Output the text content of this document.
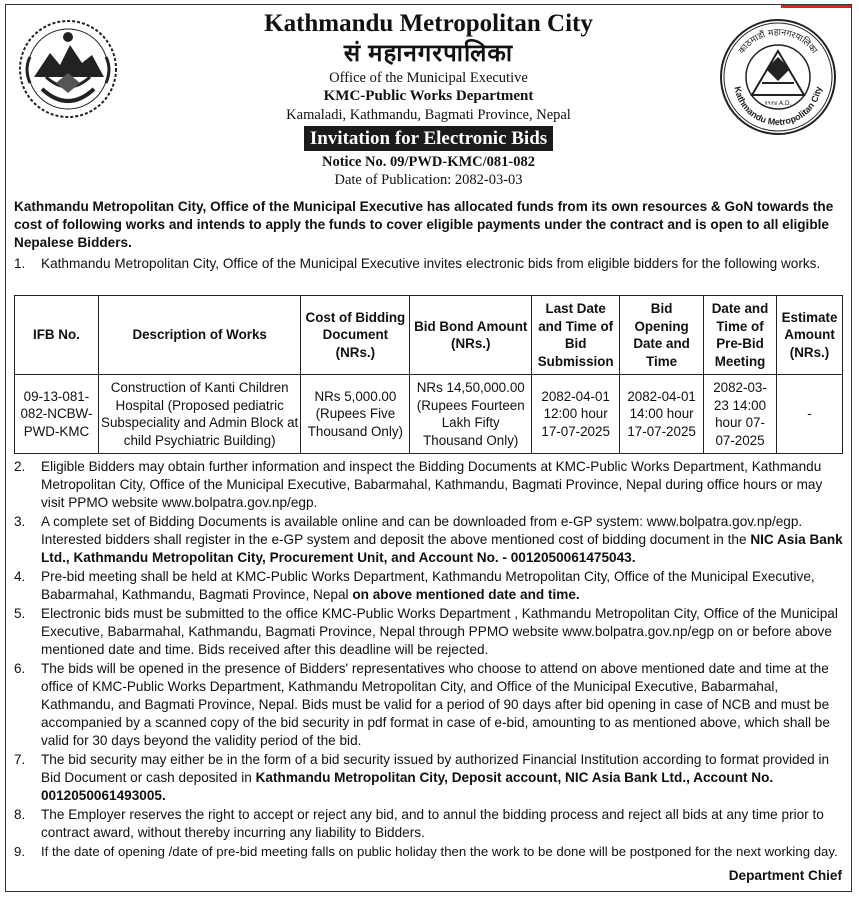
Kathmandu Metropolitan City
सं महानगरपालिका
Office of the Municipal Executive
KMC-Public Works Department
Kamaladi, Kathmandu, Bagmati Province, Nepal
Invitation for Electronic Bids
Notice No. 09/PWD-KMC/081-082
Date of Publication: 2082-03-03
काठमाडौं महानगरपालिका
Kathmandu Metropolitan City
१९१४ A.D.
Kathmandu Metropolitan City, Office of the Municipal Executive has allocated funds from its own resources & GoN towards the cost of following works and intends to apply the funds to cover eligible payments under the contract and is open to all eligible Nepalese Bidders.
1.	Kathmandu Metropolitan City, Office of the Municipal Executive invites electronic bids from eligible bidders for the following works.
IFB No.	Description of Works	Cost of Bidding Document (NRs.)	Bid Bond Amount (NRs.)	Last Date and Time of Bid Submission	Bid Opening Date and Time	Date and Time of Pre-Bid Meeting	Estimate Amount (NRs.)
09-13-081-082-NCBW-PWD-KMC	Construction of Kanti Children Hospital (Proposed pediatric Subspeciality and Admin Block at child Psychiatric Building)	NRs 5,000.00 (Rupees Five Thousand Only)	NRs 14,50,000.00 (Rupees Fourteen Lakh Fifty Thousand Only)	2082-04-01 12:00 hour 17-07-2025	2082-04-01 14:00 hour 17-07-2025	2082-03-23 14:00 hour 07-07-2025	-
2.	Eligible Bidders may obtain further information and inspect the Bidding Documents at KMC-Public Works Department, Kathmandu Metropolitan City, Office of the Municipal Executive, Babarmahal, Kathmandu, Bagmati Province, Nepal during office hours or may visit PPMO website www.bolpatra.gov.np/egp.
3.	A complete set of Bidding Documents is available online and can be downloaded from e-GP system: www.bolpatra.gov.np/egp. Interested bidders shall register in the e-GP system and deposit the above mentioned cost of bidding document in the NIC Asia Bank Ltd., Kathmandu Metropolitan City, Procurement Unit, and Account No. - 0012050061475043.
4.	Pre-bid meeting shall be held at KMC-Public Works Department, Kathmandu Metropolitan City, Office of the Municipal Executive, Babarmahal, Kathmandu, Bagmati Province, Nepal on above mentioned date and time.
5.	Electronic bids must be submitted to the office KMC-Public Works Department , Kathmandu Metropolitan City, Office of the Municipal Executive, Babarmahal, Kathmandu, Bagmati Province, Nepal through PPMO website www.bolpatra.gov.np/egp on or before above mentioned date and time. Bids received after this deadline will be rejected.
6.	The bids will be opened in the presence of Bidders' representatives who choose to attend on above mentioned date and time at the office of KMC-Public Works Department, Kathmandu Metropolitan City, and Office of the Municipal Executive, Babarmahal, Kathmandu, and Bagmati Province, Nepal. Bids must be valid for a period of 90 days after bid opening in case of NCB and must be accompanied by a scanned copy of the bid security in pdf format in case of e-bid, amounting to as mentioned above, which shall be valid for 30 days beyond the validity period of the bid.
7.	The bid security may either be in the form of a bid security issued by authorized Financial Institution according to format provided in Bid Document or cash deposited in Kathmandu Metropolitan City, Deposit account, NIC Asia Bank Ltd., Account No. 0012050061493005.
8.	The Employer reserves the right to accept or reject any bid, and to annul the bidding process and reject all bids at any time prior to contract award, without thereby incurring any liability to Bidders.
9.	If the date of opening /date of pre-bid meeting falls on public holiday then the work to be done will be postponed for the next working day.
Department Chief
